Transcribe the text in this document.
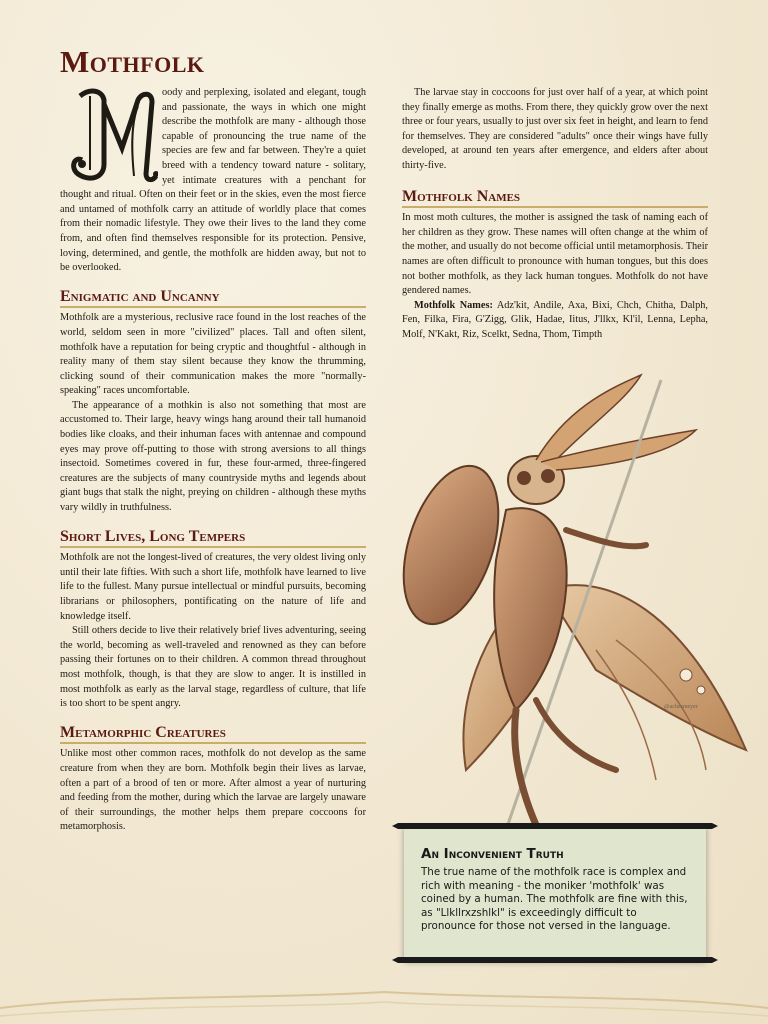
Mothfolk

oody and perplexing, isolated and elegant, tough and passionate, the ways in which one might describe the mothfolk are many - although those capable of pronouncing the true name of the species are few and far between. They're a quiet breed with a tendency toward nature - solitary, yet intimate creatures with a penchant for thought and ritual. Often on their feet or in the skies, even the most fierce and untamed of mothfolk carry an attitude of worldly place that comes from their nomadic lifestyle. They owe their lives to the land they come from, and often find themselves responsible for its protection. Pensive, loving, determined, and gentle, the mothfolk are hidden away, but not to be overlooked.

Enigmatic and Uncanny

Mothfolk are a mysterious, reclusive race found in the lost reaches of the world, seldom seen in more "civilized" places. Tall and often silent, mothfolk have a reputation for being cryptic and thoughtful - although in reality many of them stay silent because they know the thrumming, clicking sound of their communication makes the more "normally-speaking" races uncomfortable.

The appearance of a mothkin is also not something that most are accustomed to. Their large, heavy wings hang around their tall humanoid bodies like cloaks, and their inhuman faces with antennae and compound eyes may prove off-putting to those with strong aversions to all things insectoid. Sometimes covered in fur, these four-armed, three-fingered creatures are the subjects of many countryside myths and legends about giant bugs that stalk the night, preying on children - although these myths vary wildly in truthfulness.

Short Lives, Long Tempers

Mothfolk are not the longest-lived of creatures, the very oldest living only until their late fifties. With such a short life, mothfolk have learned to live life to the fullest. Many pursue intellectual or mindful pursuits, becoming librarians or philosophers, pontificating on the nature of life and knowledge itself.

Still others decide to live their relatively brief lives adventuring, seeing the world, becoming as well-traveled and renowned as they can before passing their fortunes on to their children. A common thread throughout most mothfolk, though, is that they are slow to anger. It is instilled in most mothfolk as early as the larval stage, regardless of culture, that life is too short to be spent angry.

Metamorphic Creatures

Unlike most other common races, mothfolk do not develop as the same creature from when they are born. Mothfolk begin their lives as larvae, often a part of a brood of ten or more. After almost a year of nurturing and feeding from the mother, during which the larvae are largely unaware of their surroundings, the mother helps them prepare coccoons for metamorphosis.

The larvae stay in coccoons for just over half of a year, at which point they finally emerge as moths. From there, they quickly grow over the next three or four years, usually to just over six feet in height, and learn to fend for themselves. They are considered "adults" once their wings have fully developed, at around ten years after emergence, and elders after about thirty-five.

Mothfolk Names

In most moth cultures, the mother is assigned the task of naming each of her children as they grow. These names will often change at the whim of the mother, and usually do not become official until metamorphosis. Their names are often difficult to pronounce with human tongues, but this does not bother mothfolk, as they lack human tongues. Mothfolk do not have gendered names.

Mothfolk Names: Adz'kit, Andile, Axa, Bixi, Chch, Chitha, Dalph, Fen, Filka, Fira, G'Zigg, Glik, Hadae, Iitus, J'llkx, Kl'il, Lenna, Lepha, Molf, N'Kakt, Riz, Scelkt, Sedna, Thom, Timpth

@achesmeyer
An Inconvenient Truth

The true name of the mothfolk race is complex and rich with meaning - the moniker 'mothfolk' was coined by a human. The mothfolk are fine with this, as "Llkllrxzshlkl" is exceedingly difficult to pronounce for those not versed in the language.
